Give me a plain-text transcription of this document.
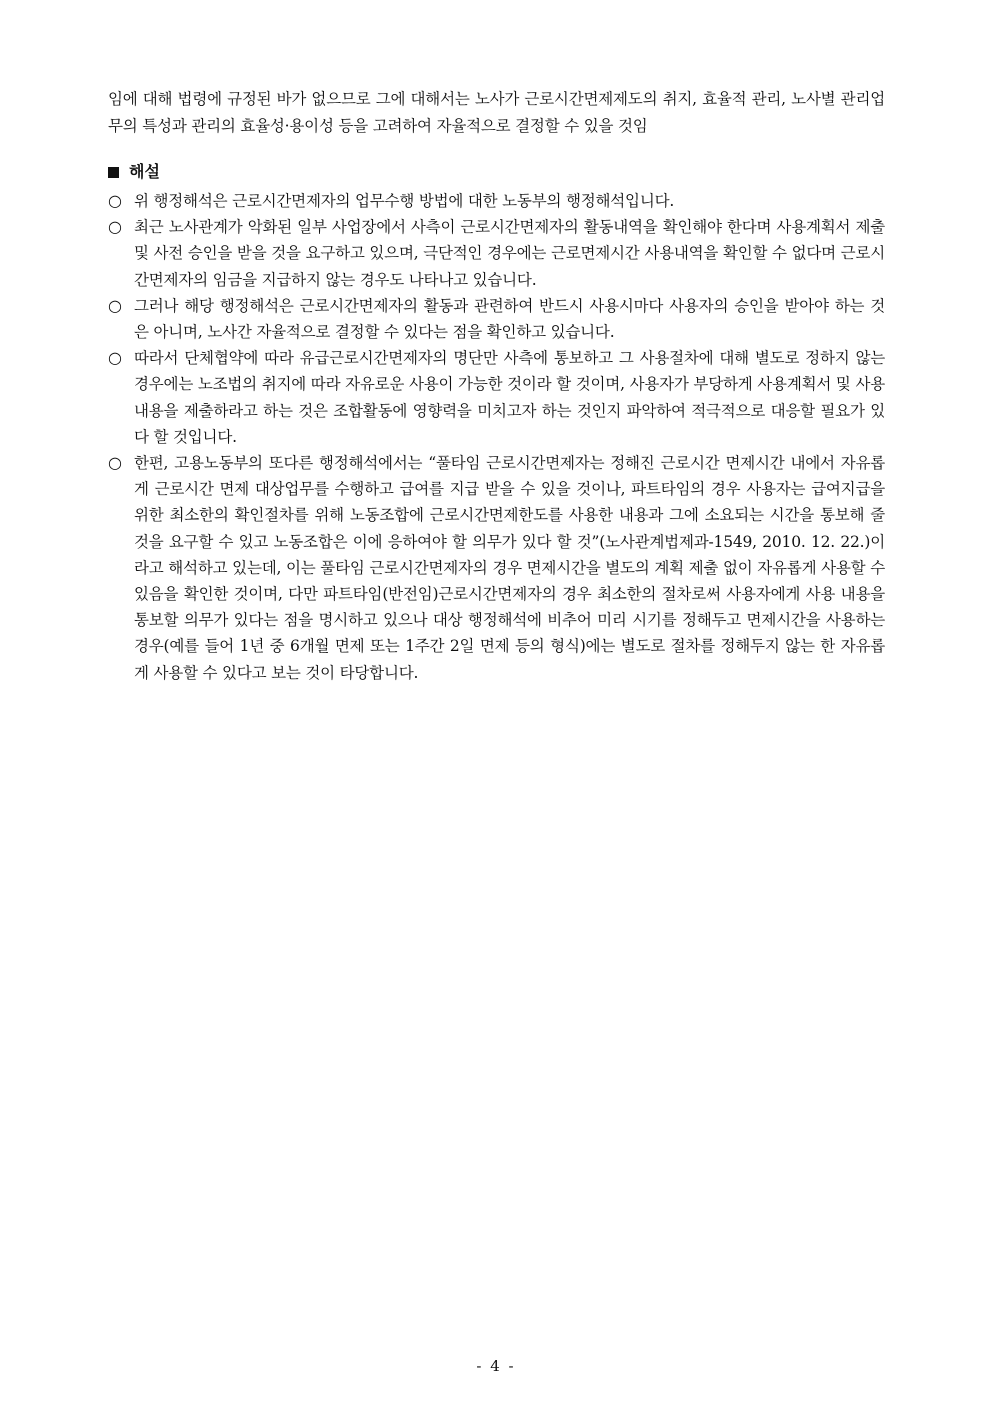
임에 대해 법령에 규정된 바가 없으므로 그에 대해서는 노사가 근로시간면제제도의 취지, 효율적 관리, 노사별 관리업무의 특성과 관리의 효율성·용이성 등을 고려하여 자율적으로 결정할 수 있을 것임

해설
○ 위 행정해석은 근로시간면제자의 업무수행 방법에 대한 노동부의 행정해석입니다.
○ 최근 노사관계가 악화된 일부 사업장에서 사측이 근로시간면제자의 활동내역을 확인해야 한다며 사용계획서 제출 및 사전 승인을 받을 것을 요구하고 있으며, 극단적인 경우에는 근로면제시간 사용내역을 확인할 수 없다며 근로시간면제자의 임금을 지급하지 않는 경우도 나타나고 있습니다.
○ 그러나 해당 행정해석은 근로시간면제자의 활동과 관련하여 반드시 사용시마다 사용자의 승인을 받아야 하는 것은 아니며, 노사간 자율적으로 결정할 수 있다는 점을 확인하고 있습니다.
○ 따라서 단체협약에 따라 유급근로시간면제자의 명단만 사측에 통보하고 그 사용절차에 대해 별도로 정하지 않는 경우에는 노조법의 취지에 따라 자유로운 사용이 가능한 것이라 할 것이며, 사용자가 부당하게 사용계획서 및 사용내용을 제출하라고 하는 것은 조합활동에 영향력을 미치고자 하는 것인지 파악하여 적극적으로 대응할 필요가 있다 할 것입니다.
○ 한편, 고용노동부의 또다른 행정해석에서는 “풀타임 근로시간면제자는 정해진 근로시간 면제시간 내에서 자유롭게 근로시간 면제 대상업무를 수행하고 급여를 지급 받을 수 있을 것이나, 파트타임의 경우 사용자는 급여지급을 위한 최소한의 확인절차를 위해 노동조합에 근로시간면제한도를 사용한 내용과 그에 소요되는 시간을 통보해 줄 것을 요구할 수 있고 노동조합은 이에 응하여야 할 의무가 있다 할 것”(노사관계법제과-1549, 2010. 12. 22.)이라고 해석하고 있는데, 이는 풀타임 근로시간면제자의 경우 면제시간을 별도의 계획 제출 없이 자유롭게 사용할 수 있음을 확인한 것이며, 다만 파트타임(반전임)근로시간면제자의 경우 최소한의 절차로써 사용자에게 사용 내용을 통보할 의무가 있다는 점을 명시하고 있으나 대상 행정해석에 비추어 미리 시기를 정해두고 면제시간을 사용하는 경우(예를 들어 1년 중 6개월 면제 또는 1주간 2일 면제 등의 형식)에는 별도로 절차를 정해두지 않는 한 자유롭게 사용할 수 있다고 보는 것이 타당합니다.
- 4 -
